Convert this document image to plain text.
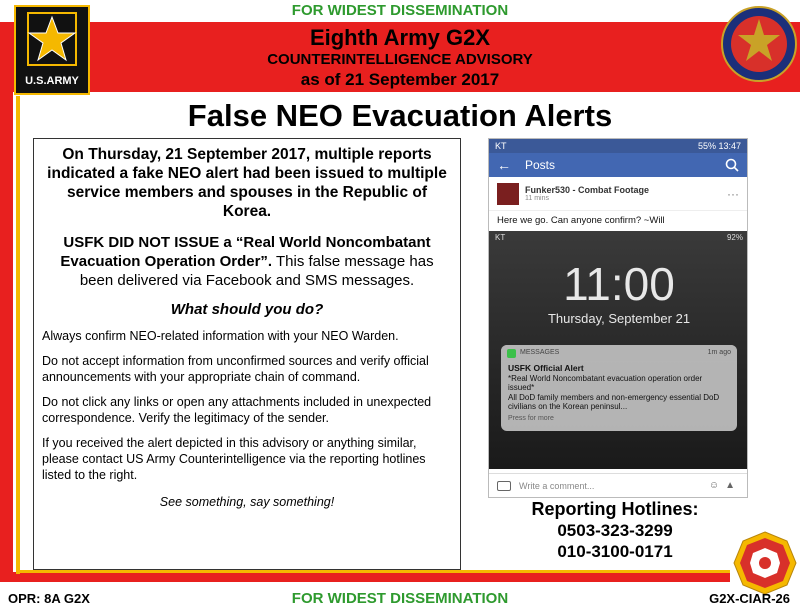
FOR WIDEST DISSEMINATION
U.S.ARMY
Eighth Army G2X
COUNTERINTELLIGENCE ADVISORY
as of 21 September 2017
False NEO Evacuation Alerts
On Thursday, 21 September 2017, multiple reports indicated a fake NEO alert had been issued to multiple service members and spouses in the Republic of Korea.
USFK DID NOT ISSUE a “Real World Noncombatant Evacuation Operation Order”. This false message has been delivered via Facebook and SMS messages.
What should you do?
Always confirm NEO-related information with your NEO Warden.
Do not accept information from unconfirmed sources and verify official announcements with your appropriate chain of command.
Do not click any links or open any attachments included in unexpected correspondence. Verify the legitimacy of the sender.
If you received the alert depicted in this advisory or anything similar, please contact US Army Counterintelligence via the reporting hotlines listed to the right.
See something, say something!
KT	55% 13:47
← Posts
Funker530 - Combat Footage
11 mins	···
Here we go. Can anyone confirm? ~Will
KT	92%
11:00
Thursday, September 21
MESSAGES	1m ago
USFK Official Alert
*Real World Noncombatant evacuation operation order issued*
All DoD family members and non-emergency essential DoD civilians on the Korean peninsul...
Press for more
Write a comment...	☺▲
Reporting Hotlines:
0503-323-3299
010-3100-0171
OPR: 8A G2X	FOR WIDEST DISSEMINATION	G2X-CIAR-26
